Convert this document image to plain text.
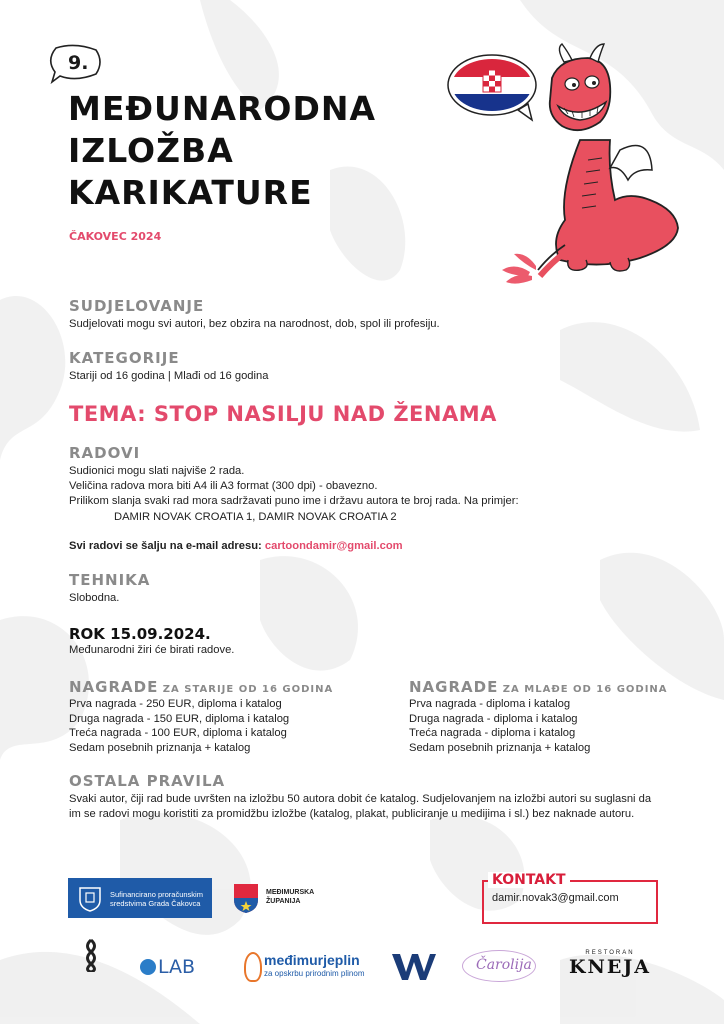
9.
MEĐUNARODNA
IZLOŽBA
KARIKATURE
ČAKOVEC 2024
SUDJELOVANJE
Sudjelovati mogu svi autori, bez obzira na narodnost, dob, spol ili profesiju.
KATEGORIJE
Stariji od 16 godina | Mlađi od 16 godina
TEMA: STOP NASILJU NAD ŽENAMA
RADOVI
Sudionici mogu slati najviše 2 rada.
Veličina radova mora biti A4 ili A3 format (300 dpi) - obavezno.
Prilikom slanja svaki rad mora sadržavati puno ime i državu autora te broj rada. Na primjer:
DAMIR NOVAK CROATIA 1, DAMIR NOVAK CROATIA 2
Svi radovi se šalju na e-mail adresu: cartoondamir@gmail.com
TEHNIKA
Slobodna.
ROK 15.09.2024.
Međunarodni žiri će birati radove.
NAGRADE ZA STARIJE OD 16 GODINA
Prva nagrada - 250 EUR, diploma i katalog
Druga nagrada - 150 EUR, diploma i katalog
Treća nagrada - 100 EUR, diploma i katalog
Sedam posebnih priznanja + katalog
NAGRADE ZA MLAĐE OD 16 GODINA
Prva nagrada - diploma i katalog
Druga nagrada - diploma i katalog
Treća nagrada - diploma i katalog
Sedam posebnih priznanja + katalog
OSTALA PRAVILA
Svaki autor, čiji rad bude uvršten na izložbu 50 autora dobit će katalog. Sudjelovanjem na izložbi autori su suglasni da im se radovi mogu koristiti za promidžbu izložbe (katalog, plakat, publiciranje u medijima i sl.) bez naknade autoru.
Sufinancirano proračunskim sredstvima Grada Čakovca
MEĐIMURSKA
ŽUPANIJA
KONTAKT
damir.novak3@gmail.com
LAB	međimurjeplin
za opskrbu prirodnim plinom
Čarolija
RESTORAN
KNEJA
